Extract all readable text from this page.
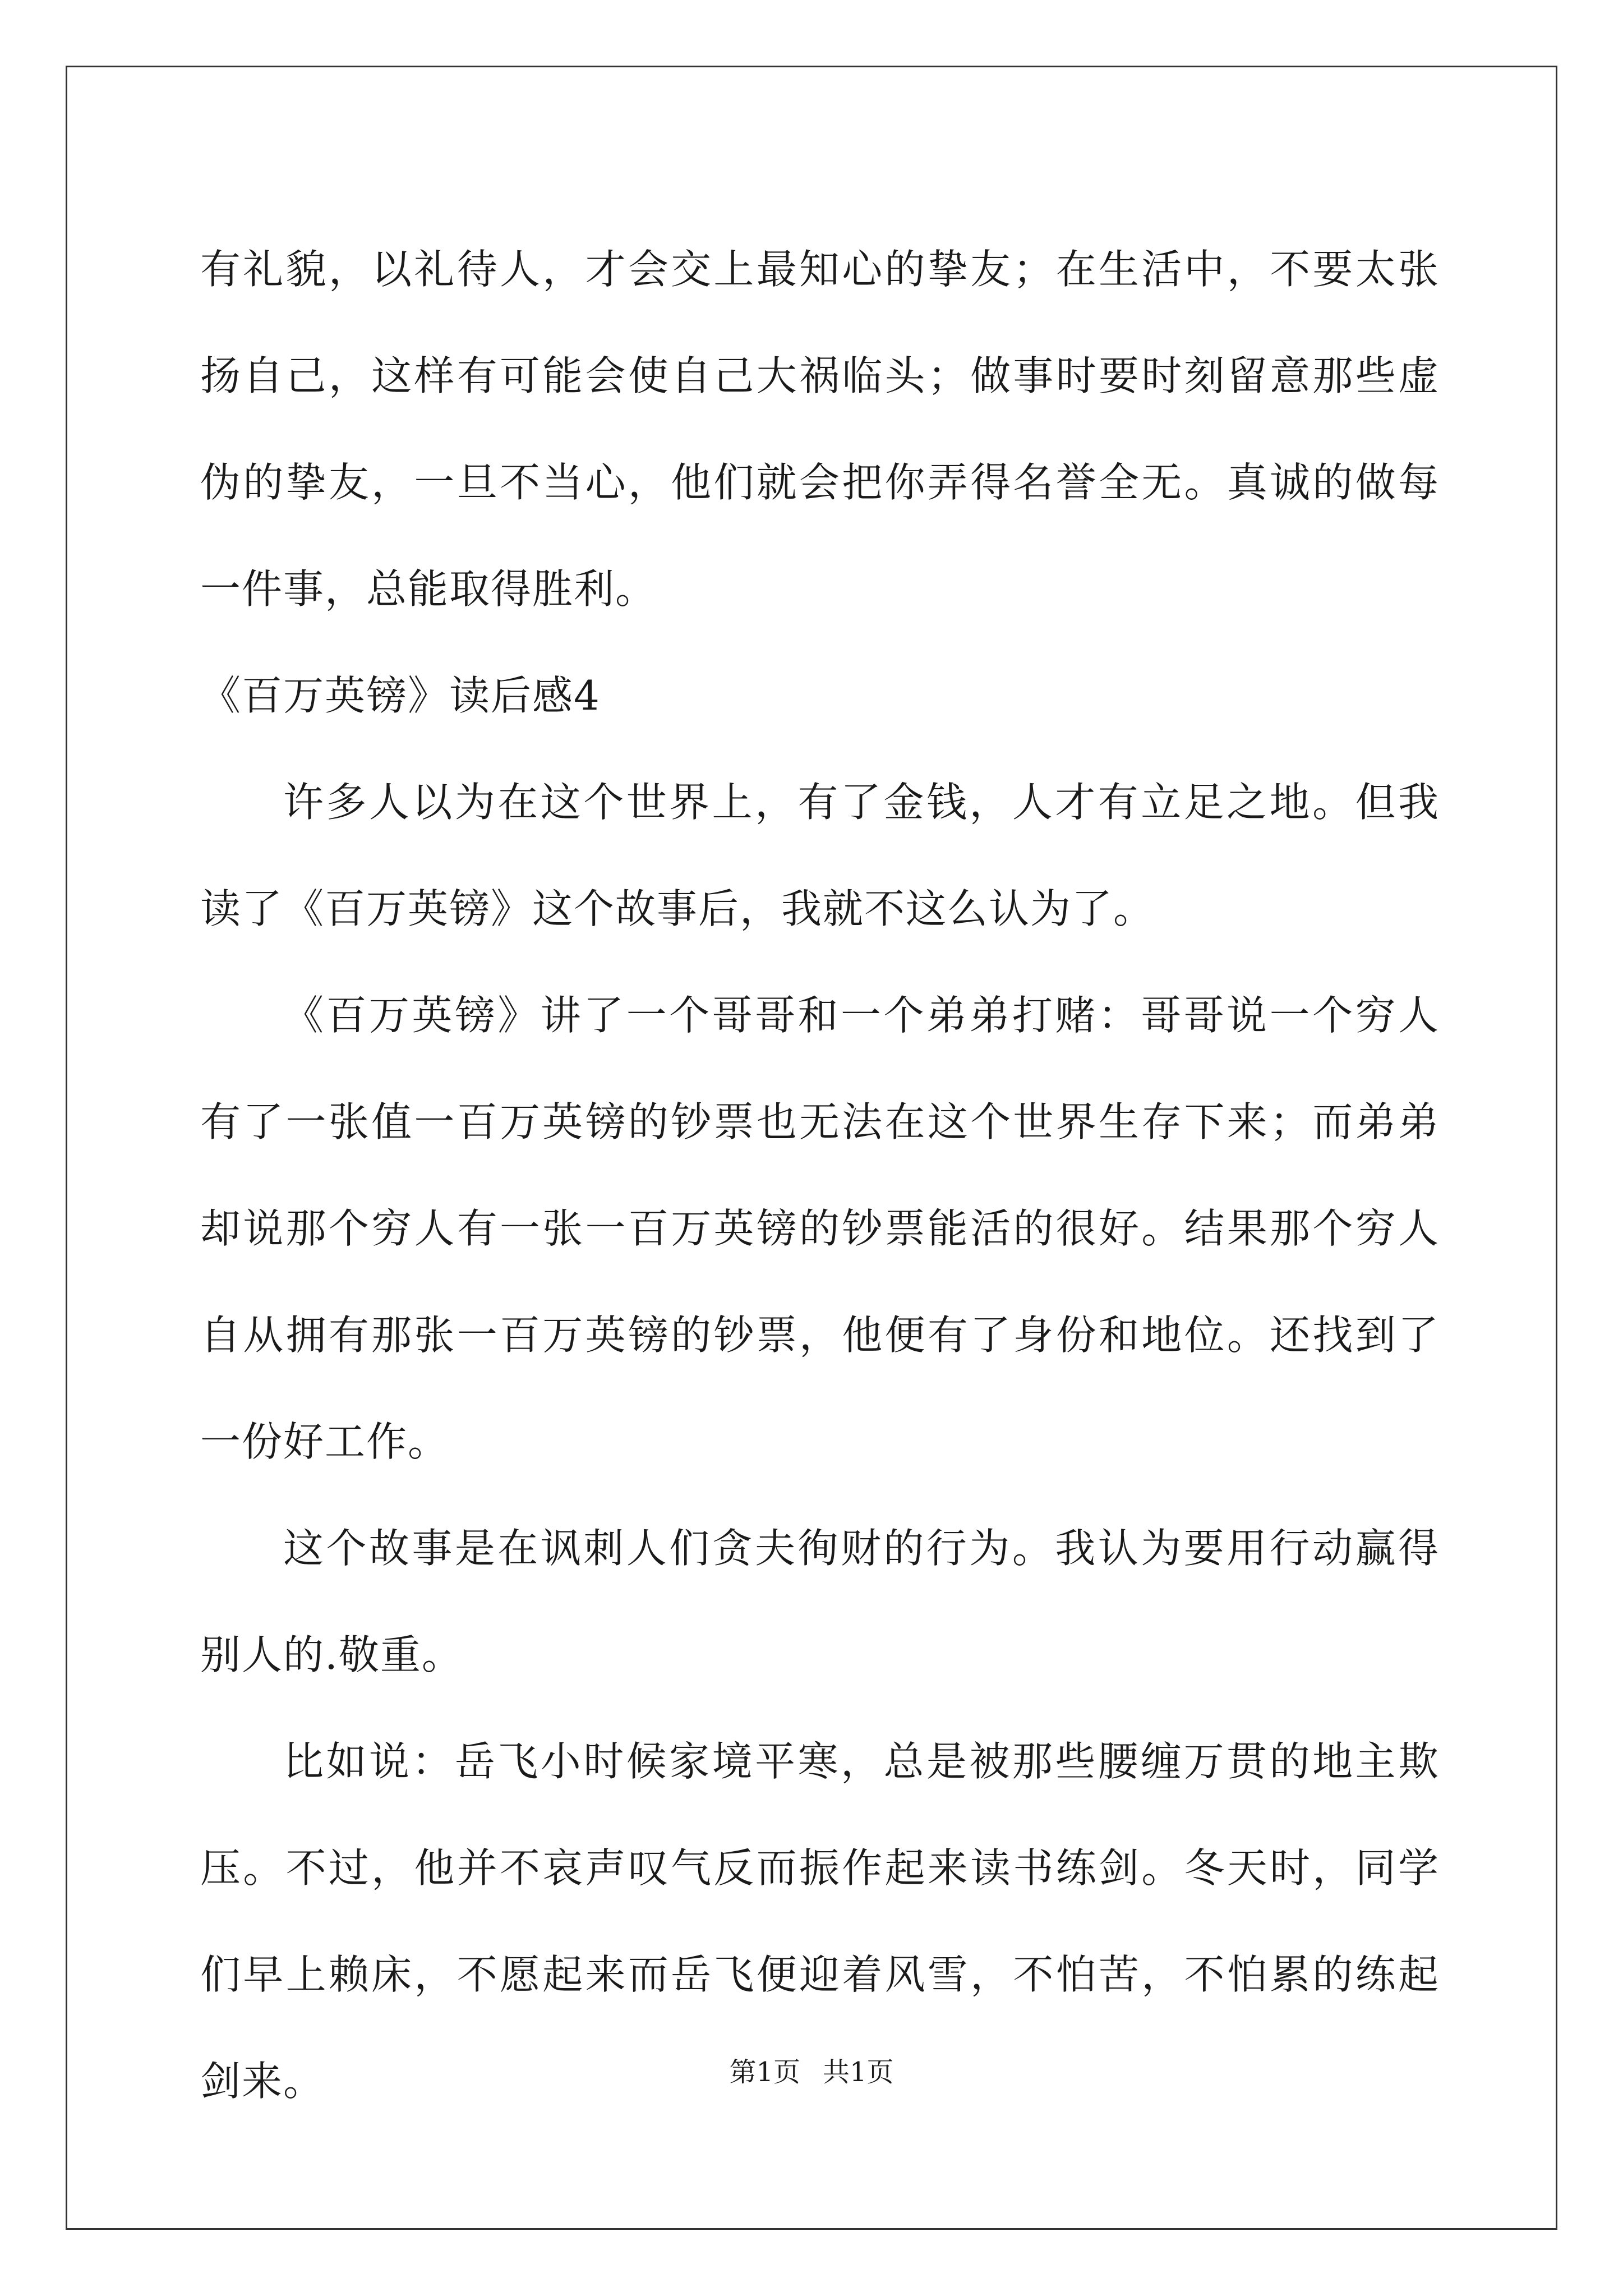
有礼貌，以礼待人，才会交上最知心的挚友；在生活中，不要太张扬自己，这样有可能会使自己大祸临头；做事时要时刻留意那些虚伪的挚友，一旦不当心，他们就会把你弄得名誉全无。真诚的做每一件事，总能取得胜利。

《百万英镑》读后感4

许多人以为在这个世界上，有了金钱，人才有立足之地。但我读了《百万英镑》这个故事后，我就不这么认为了。

《百万英镑》讲了一个哥哥和一个弟弟打赌：哥哥说一个穷人有了一张值一百万英镑的钞票也无法在这个世界生存下来；而弟弟却说那个穷人有一张一百万英镑的钞票能活的很好。结果那个穷人自从拥有那张一百万英镑的钞票，他便有了身份和地位。还找到了一份好工作。

这个故事是在讽刺人们贪夫徇财的行为。我认为要用行动赢得别人的.敬重。

比如说：岳飞小时候家境平寒，总是被那些腰缠万贯的地主欺压。不过，他并不哀声叹气反而振作起来读书练剑。冬天时，同学们早上赖床，不愿起来而岳飞便迎着风雪，不怕苦，不怕累的练起剑来。	第1页 共1页
